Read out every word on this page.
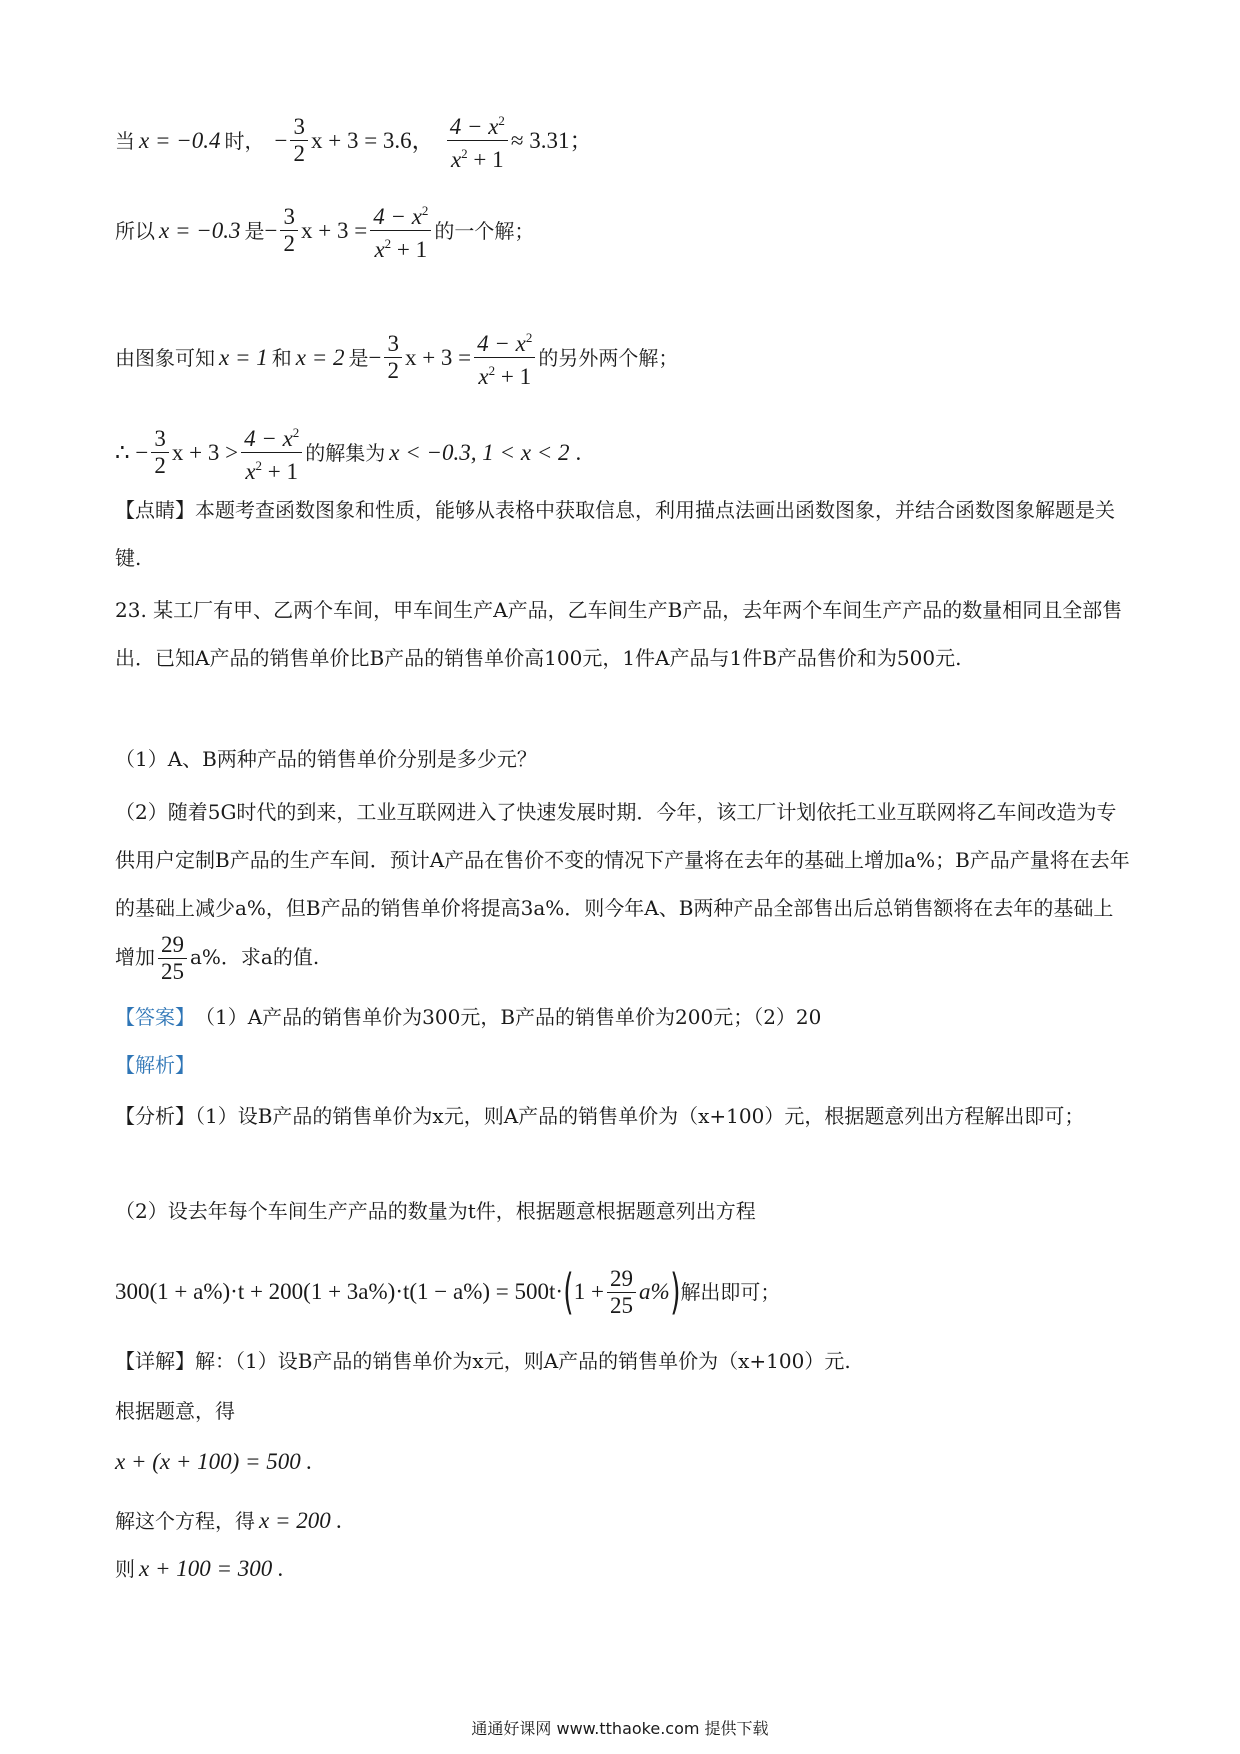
当 x = −0.4 时， − $\frac{3}{2}$ x + 3 = 3.6， $\frac{4 - x^2}{x^2 + 1} \approx 3.31$；
所以 x = −0.3 是 − $\frac{3}{2}$ $x + 3 = \frac{4 - x^2}{x^2 + 1}$ 的一个解；
由图象可知 x = 1 和 x = 2 是 − $\frac{3}{2}$ $x + 3 = \frac{4 - x^2}{x^2 + 1}$ 的另外两个解；
∴ − $\frac{3}{2}$ $x + 3 > \frac{4 - x^2}{x^2 + 1}$ 的解集为 x < −0.3, 1 < x < 2 .
【点睛】本题考查函数图象和性质，能够从表格中获取信息，利用描点法画出函数图象，并结合函数图象解题是关键.
23. 某工厂有甲、乙两个车间，甲车间生产A产品，乙车间生产B产品，去年两个车间生产产品的数量相同且全部售出．已知A产品的销售单价比B产品的销售单价高100元，1件A产品与1件B产品售价和为500元.
（1）A、B两种产品的销售单价分别是多少元？
（2）随着5G时代的到来，工业互联网进入了快速发展时期．今年，该工厂计划依托工业互联网将乙车间改造为专供用户定制B产品的生产车间．预计A产品在售价不变的情况下产量将在去年的基础上增加a%；B产品产量将在去年的基础上减少a%，但B产品的销售单价将提高3a%．则今年A、B两种产品全部售出后总销售额将在去年的基础上增加 $\frac{29}{25} a\%$．求a的值.
【答案】 （1）A产品的销售单价为300元，B产品的销售单价为200元；（2）20
【解析】
【分析】（1）设B产品的销售单价为x元，则A产品的销售单价为（x+100）元，根据题意列出方程解出即可；
（2）设去年每个车间生产产品的数量为t件，根据题意根据题意列出方程
300(1 + a%)·t + 200(1 + 3a%)·t(1 − a%) = 500t· ( $1 + \frac{29}{25} a\%$ ) 解出即可；
【详解】解：（1）设B产品的销售单价为x元，则A产品的销售单价为（x+100）元.
根据题意，得
x + (x + 100) = 500 .
解这个方程，得 x = 200 .
则 x + 100 = 300 .
通通好课网 www.tthaoke.com 提供下载
